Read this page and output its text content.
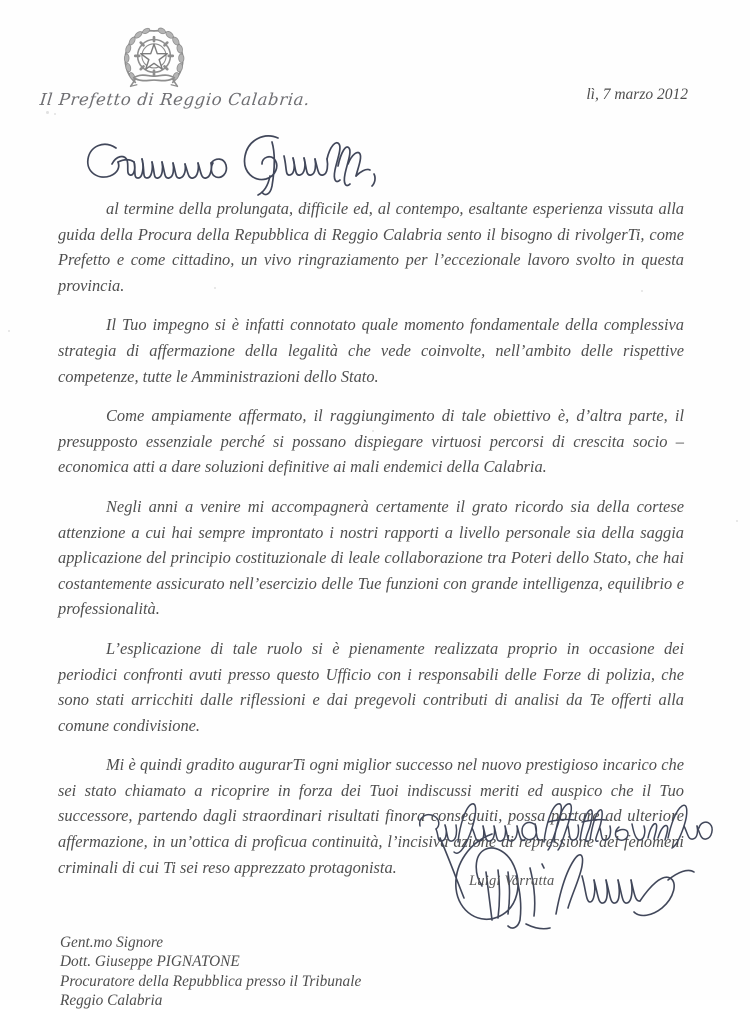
Il Prefetto di Reggio Calabria.	lì, 7 marzo 2012

al termine della prolungata, difficile ed, al contempo, esaltante esperienza vissuta alla guida della Procura della Repubblica di Reggio Calabria sento il bisogno di rivolgerTi, come Prefetto e come cittadino, un vivo ringraziamento per l’eccezionale lavoro svolto in questa provincia.

Il Tuo impegno si è infatti connotato quale momento fondamentale della complessiva strategia di affermazione della legalità che vede coinvolte, nell’ambito delle rispettive competenze, tutte le Amministrazioni dello Stato.

Come ampiamente affermato, il raggiungimento di tale obiettivo è, d’altra parte, il presupposto essenziale perché si possano dispiegare virtuosi percorsi di crescita socio – economica atti a dare soluzioni definitive ai mali endemici della Calabria.

Negli anni a venire mi accompagnerà certamente il grato ricordo sia della cortese attenzione a cui hai sempre improntato i nostri rapporti a livello personale sia della saggia applicazione del principio costituzionale di leale collaborazione tra Poteri dello Stato, che hai costantemente assicurato nell’esercizio delle Tue funzioni con grande intelligenza, equilibrio e professionalità.

L’esplicazione di tale ruolo si è pienamente realizzata proprio in occasione dei periodici confronti avuti presso questo Ufficio con i responsabili delle Forze di polizia, che sono stati arricchiti dalle riflessioni e dai pregevoli contributi di analisi da Te offerti alla comune condivisione.

Mi è quindi gradito augurarTi ogni miglior successo nel nuovo prestigioso incarico che sei stato chiamato a ricoprire in forza dei Tuoi indiscussi meriti ed auspico che il Tuo successore, partendo dagli straordinari risultati finora conseguiti, possa portare ad ulteriore affermazione, in un’ottica di proficua continuità, l’incisiva azione di repressione dei fenomeni criminali di cui Ti sei reso apprezzato protagonista.

Luigi Varratta
Gent.mo Signore
Dott. Giuseppe PIGNATONE
Procuratore della Repubblica presso il Tribunale
Reggio Calabria
